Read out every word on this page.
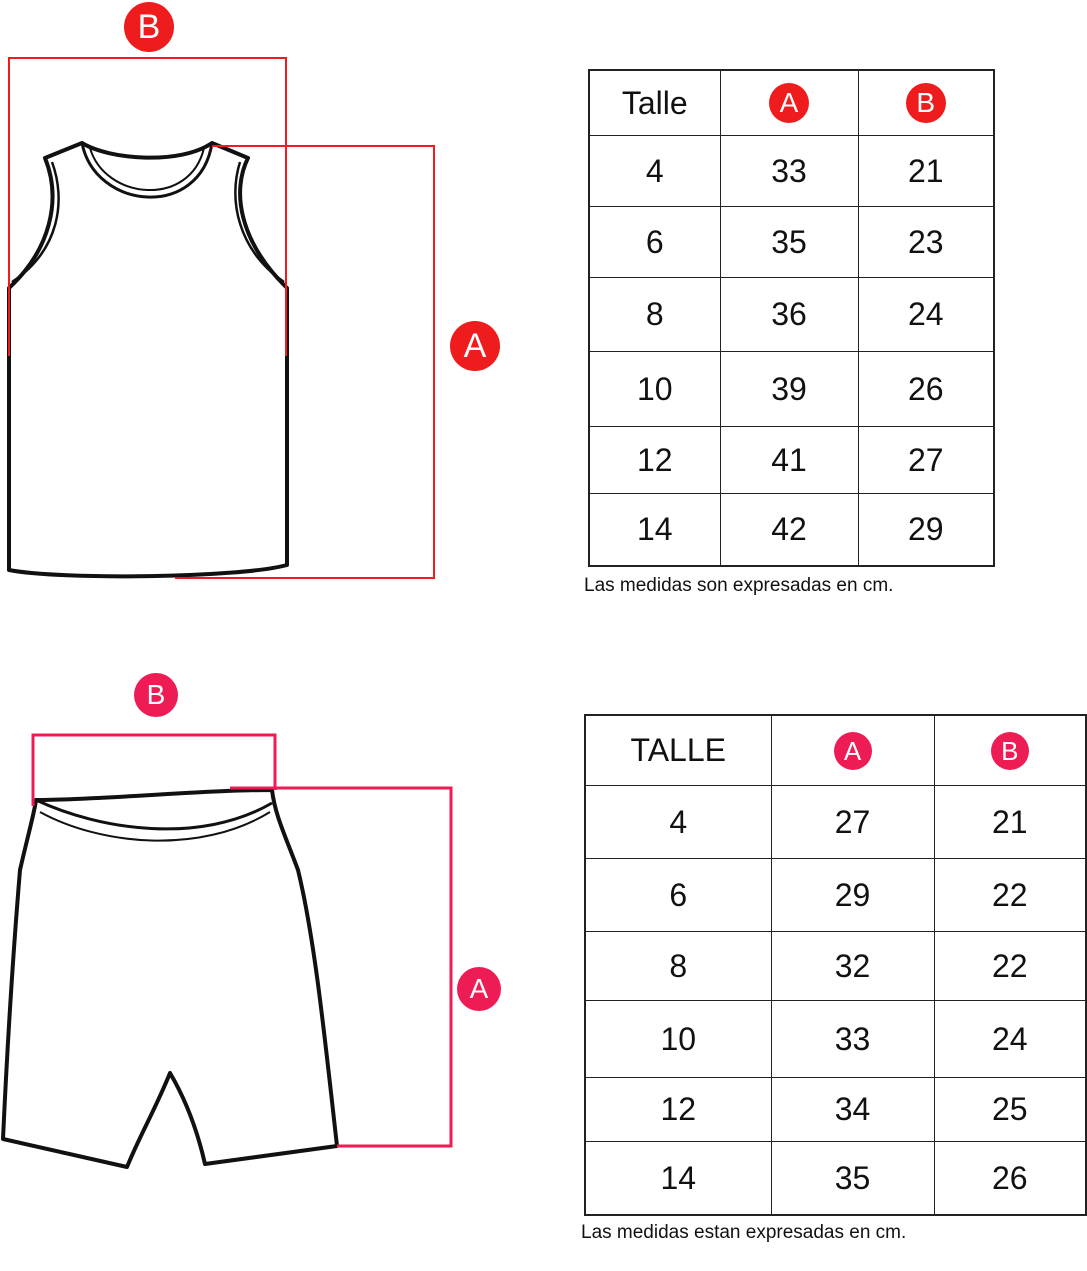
B
A
B
A
Talle	A	B
4	33	21
6	35	23
8	36	24
10	39	26
12	41	27
14	42	29
Las medidas son expresadas en cm.
TALLE	A	B
4	27	21
6	29	22
8	32	22
10	33	24
12	34	25
14	35	26
Las medidas estan expresadas en cm.
